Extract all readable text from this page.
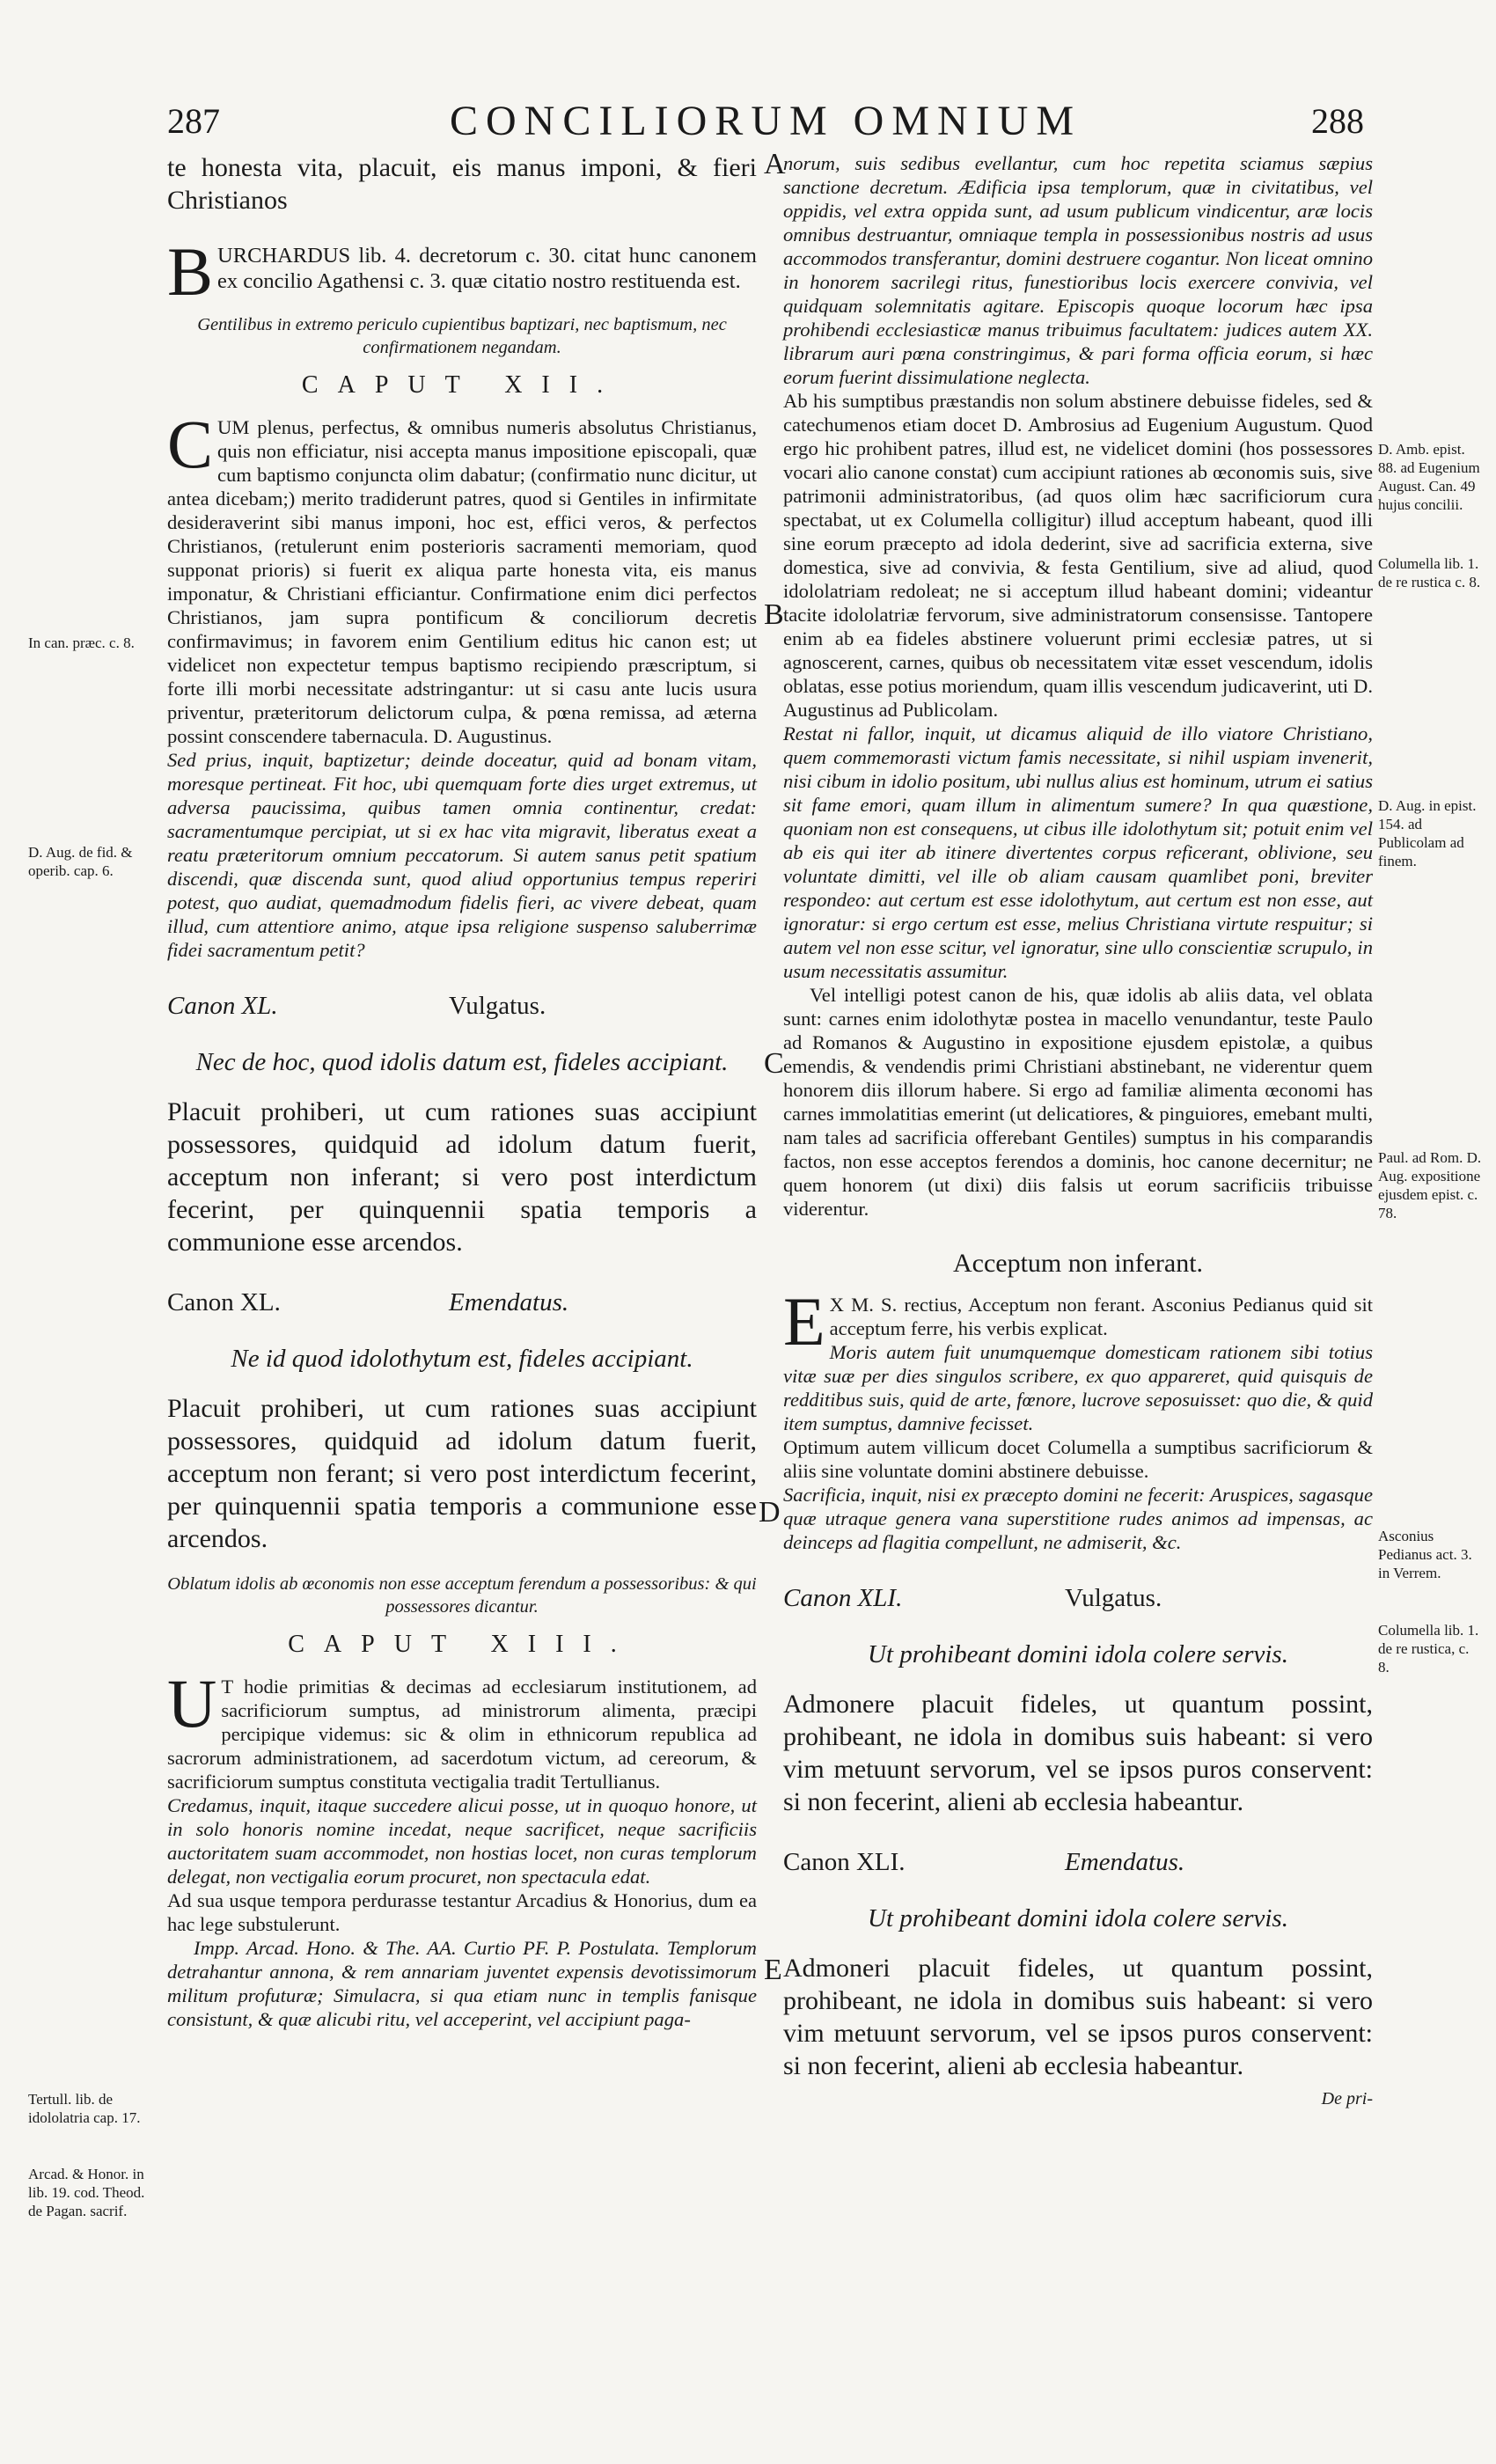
287	CONCILIORUM OMNIUM	288

te honesta vita, placuit, eis manus imponi, & fieri Christianos

BURCHARDUS lib. 4. decretorum c. 30. citat hunc canonem ex concilio Agathensi c. 3. quæ citatio nostro restituenda est.

Gentilibus in extremo periculo cupientibus baptizari, nec baptismum, nec confirmationem negandam.

CAPUT XII.

CUM plenus, perfectus, & omnibus numeris absolutus Christianus, quis non efficiatur, nisi accepta manus impositione episcopali, quæ cum baptismo conjuncta olim dabatur; (confirmatio nunc dicitur, ut antea dicebam;) merito tradiderunt patres, quod si Gentiles in infirmitate desideraverint sibi manus imponi, hoc est, effici veros, & perfectos Christianos, (retulerunt enim posterioris sacramenti memoriam, quod supponat prioris) si fuerit ex aliqua parte honesta vita, eis manus imponatur, & Christiani efficiantur. Confirmatione enim dici perfectos Christianos, jam supra pontificum & conciliorum decretis confirmavimus; in favorem enim Gentilium editus hic canon est; ut videlicet non expectetur tempus baptismo recipiendo præscriptum, si forte illi morbi necessitate adstringantur: ut si casu ante lucis usura priventur, præteritorum delictorum culpa, & pœna remissa, ad æterna possint conscendere tabernacula. D. Augustinus.

Sed prius, inquit, baptizetur; deinde doceatur, quid ad bonam vitam, moresque pertineat. Fit hoc, ubi quemquam forte dies urget extremus, ut adversa paucissima, quibus tamen omnia continentur, credat: sacramentumque percipiat, ut si ex hac vita migravit, liberatus exeat a reatu præteritorum omnium peccatorum. Si autem sanus petit spatium discendi, quæ discenda sunt, quod aliud opportunius tempus reperiri potest, quo audiat, quemadmodum fidelis fieri, ac vivere debeat, quam illud, cum attentiore animo, atque ipsa religione suspenso saluberrimæ fidei sacramentum petit?

Canon XL.	Vulgatus.

Nec de hoc, quod idolis datum est, fideles accipiant.

Placuit prohiberi, ut cum rationes suas accipiunt possessores, quidquid ad idolum datum fuerit, acceptum non inferant; si vero post interdictum fecerint, per quinquennii spatia temporis a communione esse arcendos.

Canon XL.	Emendatus.

Ne id quod idolothytum est, fideles accipiant.

Placuit prohiberi, ut cum rationes suas accipiunt possessores, quidquid ad idolum datum fuerit, acceptum non ferant; si vero post interdictum fecerint, per quinquennii spatia temporis a communione esse arcendos.

Oblatum idolis ab œconomis non esse acceptum ferendum a possessoribus: & qui possessores dicantur.

CAPUT XIII.

UT hodie primitias & decimas ad ecclesiarum institutionem, ad sacrificiorum sumptus, ad ministrorum alimenta, præcipi percipique videmus: sic & olim in ethnicorum republica ad sacrorum administrationem, ad sacerdotum victum, ad cereorum, & sacrificiorum sumptus constituta vectigalia tradit Tertullianus.

Credamus, inquit, itaque succedere alicui posse, ut in quoquo honore, ut in solo honoris nomine incedat, neque sacrificet, neque sacrificiis auctoritatem suam accommodet, non hostias locet, non curas templorum delegat, non vectigalia eorum procuret, non spectacula edat.

Ad sua usque tempora perdurasse testantur Arcadius & Honorius, dum ea hac lege substulerunt.

Impp. Arcad. Hono. & The. AA. Curtio PF. P. Postulata. Templorum detrahantur annona, & rem annariam juventet expensis devotissimorum militum profuturæ; Simulacra, si qua etiam nunc in templis fanisque consistunt, & quæ alicubi ritu, vel acceperint, vel accipiunt paga-

norum, suis sedibus evellantur, cum hoc repetita sciamus sæpius sanctione decretum. Ædificia ipsa templorum, quæ in civitatibus, vel oppidis, vel extra oppida sunt, ad usum publicum vindicentur, aræ locis omnibus destruantur, omniaque templa in possessionibus nostris ad usus accommodos transferantur, domini destruere cogantur. Non liceat omnino in honorem sacrilegi ritus, funestioribus locis exercere convivia, vel quidquam solemnitatis agitare. Episcopis quoque locorum hæc ipsa prohibendi ecclesiasticæ manus tribuimus facultatem: judices autem XX. librarum auri pœna constringimus, & pari forma officia eorum, si hæc eorum fuerint dissimulatione neglecta.

Ab his sumptibus præstandis non solum abstinere debuisse fideles, sed & catechumenos etiam docet D. Ambrosius ad Eugenium Augustum. Quod ergo hic prohibent patres, illud est, ne videlicet domini (hos possessores vocari alio canone constat) cum accipiunt rationes ab œconomis suis, sive patrimonii administratoribus, (ad quos olim hæc sacrificiorum cura spectabat, ut ex Columella colligitur) illud acceptum habeant, quod illi sine eorum præcepto ad idola dederint, sive ad sacrificia externa, sive domestica, sive ad convivia, & festa Gentilium, sive ad aliud, quod idololatriam redoleat; ne si acceptum illud habeant domini; videantur tacite idololatriæ fervorum, sive administratorum consensisse. Tantopere enim ab ea fideles abstinere voluerunt primi ecclesiæ patres, ut si agnoscerent, carnes, quibus ob necessitatem vitæ esset vescendum, idolis oblatas, esse potius moriendum, quam illis vescendum judicaverint, uti D. Augustinus ad Publicolam.

Restat ni fallor, inquit, ut dicamus aliquid de illo viatore Christiano, quem commemorasti victum famis necessitate, si nihil uspiam invenerit, nisi cibum in idolio positum, ubi nullus alius est hominum, utrum ei satius sit fame emori, quam illum in alimentum sumere? In qua quæstione, quoniam non est consequens, ut cibus ille idolothytum sit; potuit enim vel ab eis qui iter ab itinere divertentes corpus reficerant, oblivione, seu voluntate dimitti, vel ille ob aliam causam quamlibet poni, breviter respondeo: aut certum est esse idolothytum, aut certum est non esse, aut ignoratur: si ergo certum est esse, melius Christiana virtute respuitur; si autem vel non esse scitur, vel ignoratur, sine ullo conscientiæ scrupulo, in usum necessitatis assumitur.

Vel intelligi potest canon de his, quæ idolis ab aliis data, vel oblata sunt: carnes enim idolothytæ postea in macello venundantur, teste Paulo ad Romanos & Augustino in expositione ejusdem epistolæ, a quibus emendis, & vendendis primi Christiani abstinebant, ne viderentur quem honorem diis illorum habere. Si ergo ad familiæ alimenta œconomi has carnes immolatitias emerint (ut delicatiores, & pinguiores, emebant multi, nam tales ad sacrificia offerebant Gentiles) sumptus in his comparandis factos, non esse acceptos ferendos a dominis, hoc canone decernitur; ne quem honorem (ut dixi) diis falsis ut eorum sacrificiis tribuisse viderentur.

Acceptum non inferant.

EX M. S. rectius, Acceptum non ferant. Asconius Pedianus quid sit acceptum ferre, his verbis explicat.

Moris autem fuit unumquemque domesticam rationem sibi totius vitæ suæ per dies singulos scribere, ex quo appareret, quid quisquis de redditibus suis, quid de arte, fœnore, lucrove seposuisset: quo die, & quid item sumptus, damnive fecisset.

Optimum autem villicum docet Columella a sumptibus sacrificiorum & aliis sine voluntate domini abstinere debuisse.

Sacrificia, inquit, nisi ex præcepto domini ne fecerit: Aruspices, sagasque quæ utraque genera vana superstitione rudes animos ad impensas, ac deinceps ad flagitia compellunt, ne admiserit, &c.

Canon XLI.	Vulgatus.

Ut prohibeant domini idola colere servis.

Admonere placuit fideles, ut quantum possint, prohibeant, ne idola in domibus suis habeant: si vero vim metuunt servorum, vel se ipsos puros conservent: si non fecerint, alieni ab ecclesia habeantur.

Canon XLI.	Emendatus.

Ut prohibeant domini idola colere servis.

Admoneri placuit fideles, ut quantum possint, prohibeant, ne idola in domibus suis habeant: si vero vim metuunt servorum, vel se ipsos puros conservent: si non fecerint, alieni ab ecclesia habeantur.

De pri-

A
B
C
D
E
In can. præc. c. 8.
D. Aug. de fid. & operib. cap. 6.
Tertull. lib. de idololatria cap. 17.
Arcad. & Honor. in lib. 19. cod. Theod. de Pagan. sacrif.
D. Amb. epist. 88. ad Eugenium August. Can. 49 hujus concilii.
Columella lib. 1. de re rustica c. 8.
D. Aug. in epist. 154. ad Publicolam ad finem.
Paul. ad Rom. D. Aug. expositione ejusdem epist. c. 78.
Asconius Pedianus act. 3. in Verrem.
Columella lib. 1. de re rustica, c. 8.
